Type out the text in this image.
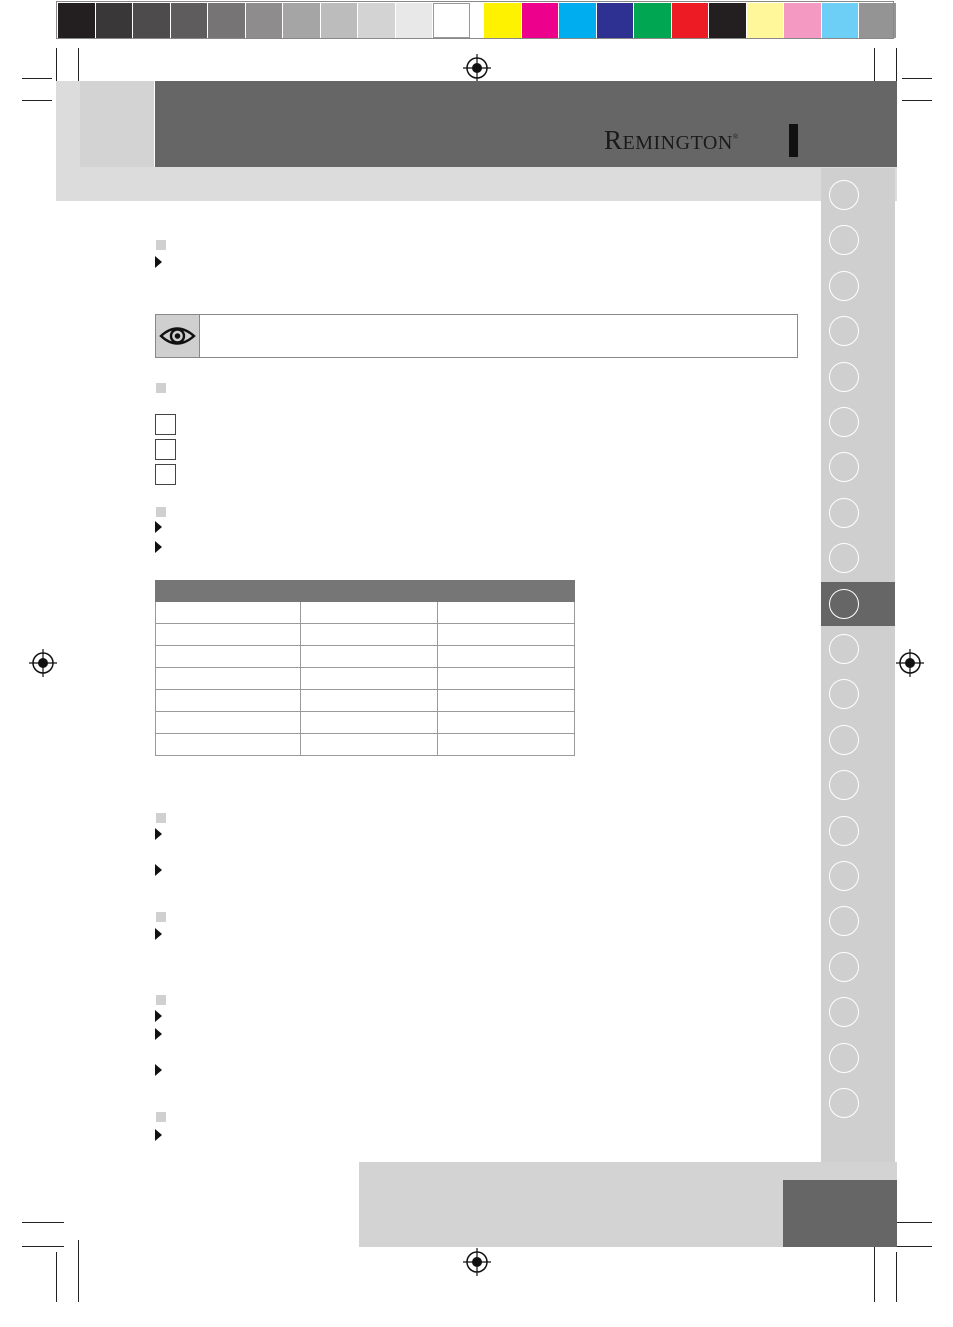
REMINGTON®
